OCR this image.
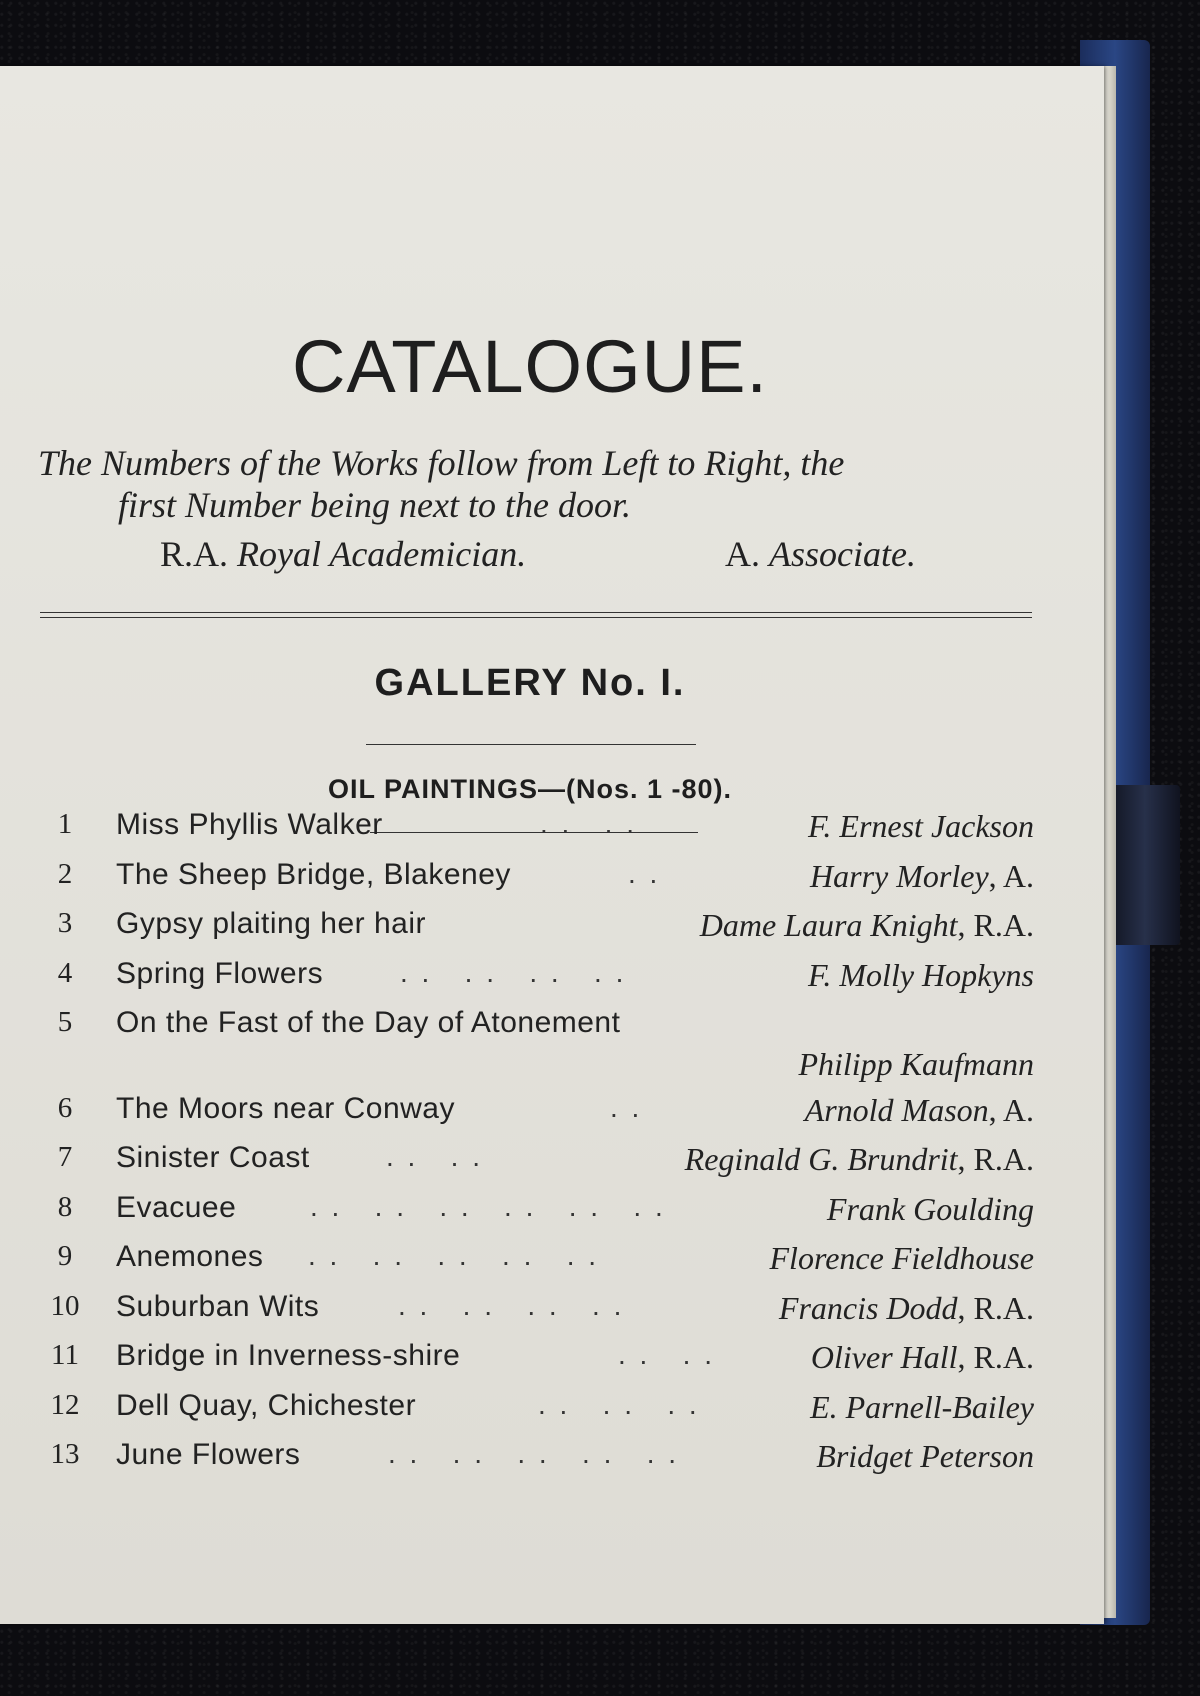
CATALOGUE.
The Numbers of the Works follow from Left to Right, the
first Number being next to the door.
R.A. Royal Academician.	A. Associate.
GALLERY No. I.
OIL PAINTINGS—(Nos. 1 -80).
1	Miss Phyllis Walker	. .   . .	F. Ernest Jackson
2	The Sheep Bridge, Blakeney	. .	Harry Morley, A.
3	Gypsy plaiting her hair	Dame Laura Knight, R.A.
4	Spring Flowers	. .   . .   . .   . .	F. Molly Hopkyns
5	On the Fast of the Day of Atonement
Philipp Kaufmann
6	The Moors near Conway	. .	Arnold Mason, A.
7	Sinister Coast	. .   . .	Reginald G. Brundrit, R.A.
8	Evacuee	. .   . .   . .   . .   . .   . .	Frank Goulding
9	Anemones . .   . .   . .   . .   . .	Florence Fieldhouse
10	Suburban Wits	. .   . .   . .   . .	Francis Dodd, R.A.
11	Bridge in Inverness-shire	. .   . .	Oliver Hall, R.A.
12	Dell Quay, Chichester	. .   . .   . .	E. Parnell-Bailey
13	June Flowers	. .   . .   . .   . .   . .	Bridget Peterson
